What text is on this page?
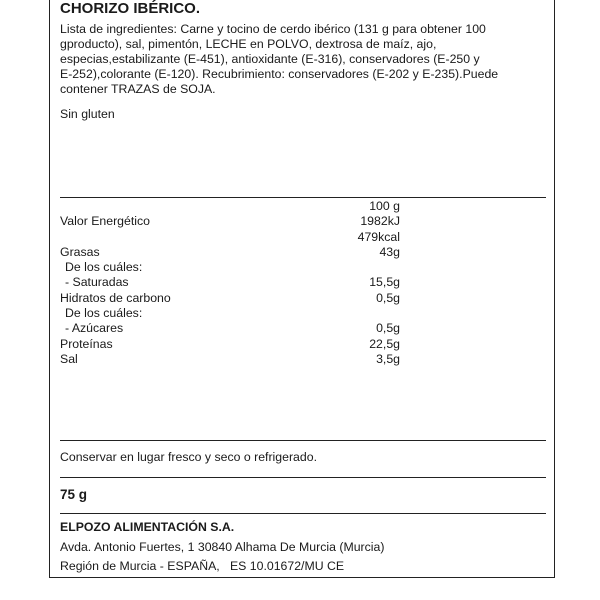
CHORIZO IBÉRICO.

Lista de ingredientes: Carne y tocino de cerdo ibérico (131 g para obtener 100

gproducto), sal, pimentón, LECHE en POLVO, dextrosa de maíz, ajo,

especias,estabilizante (E-451), antioxidante (E-316), conservadores (E-250 y

E-252),colorante (E-120). Recubrimiento: conservadores (E-202 y E-235).Puede

contener TRAZAS de SOJA.

Sin gluten

100 g
Valor Energético	1982kJ
479kcal
Grasas	43g
De los cuáles:
- Saturadas	15,5g
Hidratos de carbono	0,5g
De los cuáles:
- Azúcares	0,5g
Proteínas	22,5g
Sal	3,5g

Conservar en lugar fresco y seco o refrigerado.

75 g

ELPOZO ALIMENTACIÓN S.A.

Avda. Antonio Fuertes, 1 30840 Alhama De Murcia (Murcia)

Región de Murcia - ESPAÑA,   ES 10.01672/MU CE
